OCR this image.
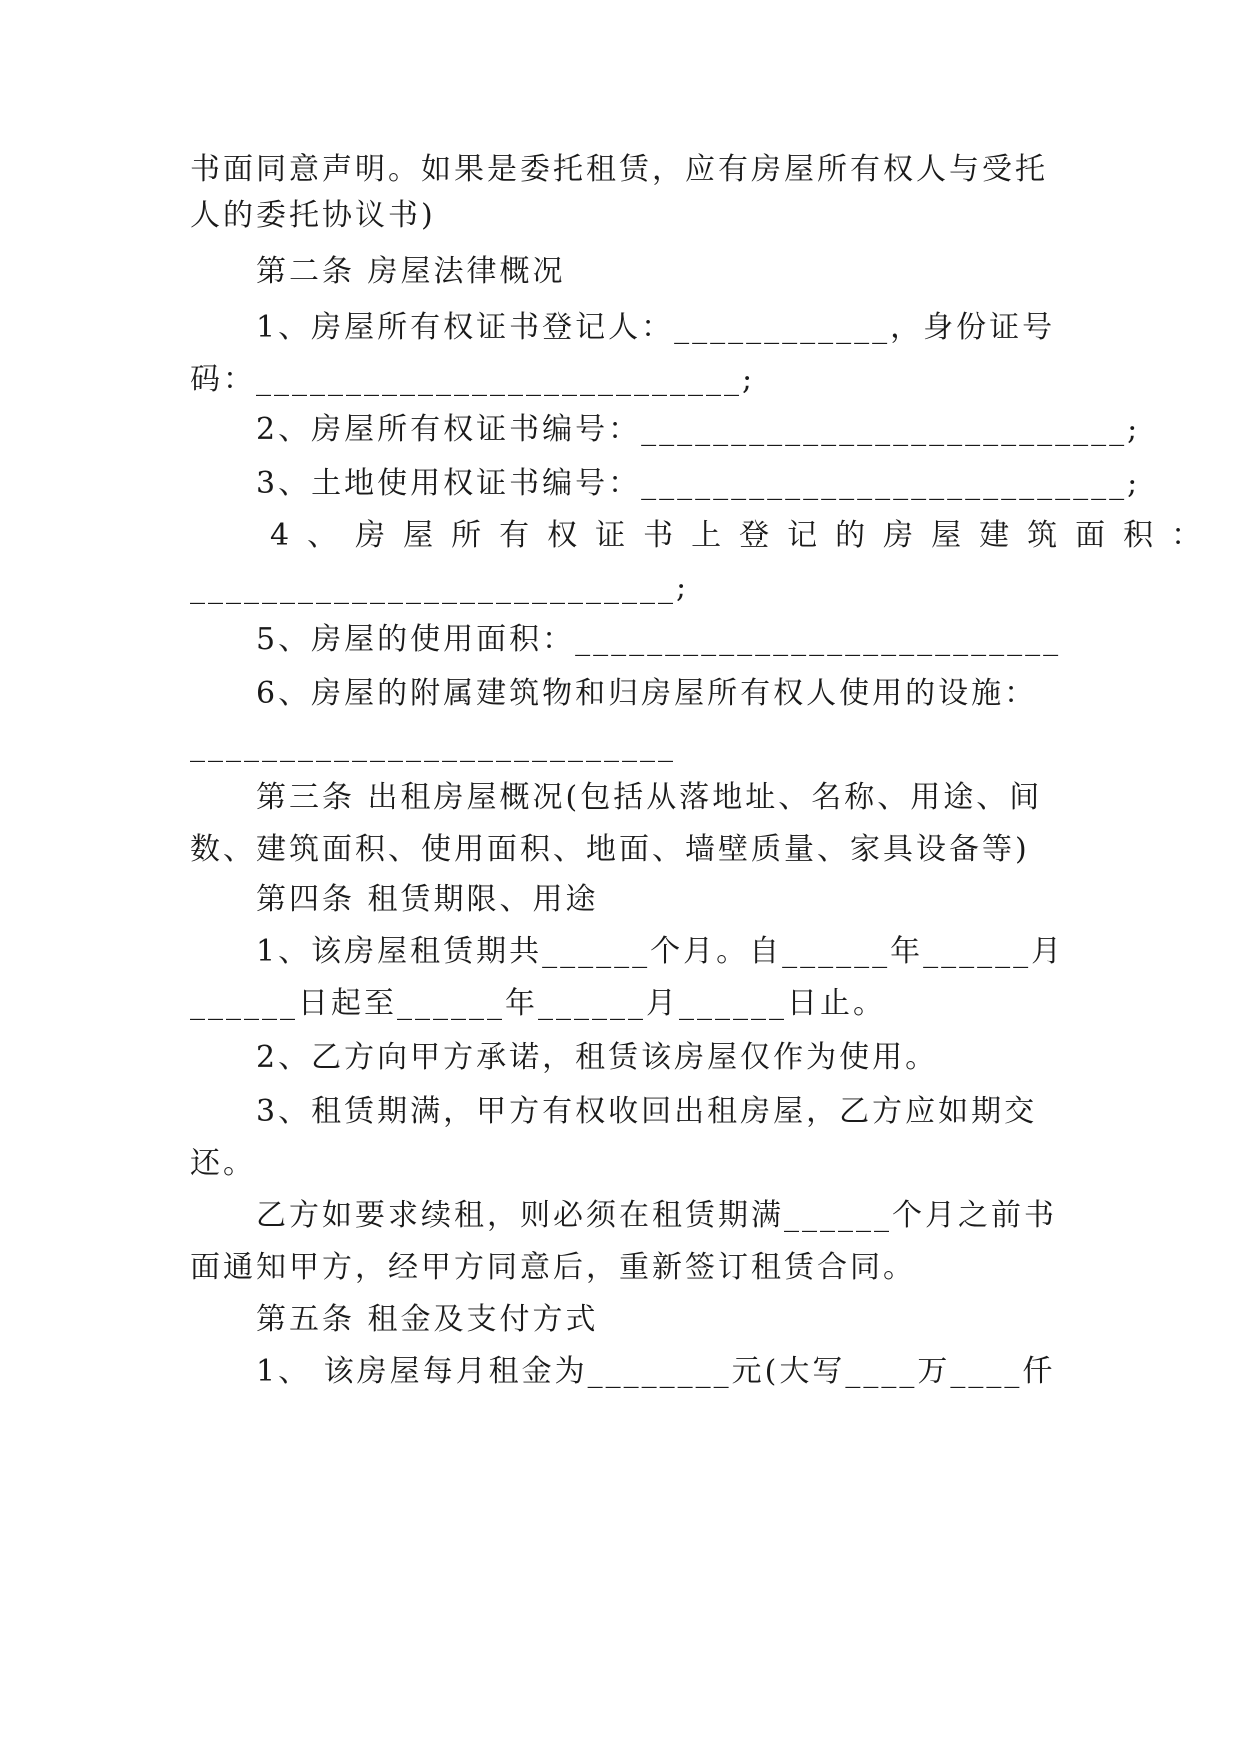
书面同意声明。如果是委托租赁，应有房屋所有权人与受托
人的委托协议书)
第二条 房屋法律概况
1、房屋所有权证书登记人：____________，身份证号
码：___________________________;
2、房屋所有权证书编号：___________________________;
3、土地使用权证书编号：___________________________;
4、房屋所有权证书上登记的房屋建筑面积：
___________________________;
5、房屋的使用面积：___________________________
6、房屋的附属建筑物和归房屋所有权人使用的设施：
___________________________
第三条 出租房屋概况(包括从落地址、名称、用途、间
数、建筑面积、使用面积、地面、墙壁质量、家具设备等)
第四条 租赁期限、用途
1、该房屋租赁期共______个月。自______年______月
______日起至______年______月______日止。
2、乙方向甲方承诺，租赁该房屋仅作为使用。
3、租赁期满，甲方有权收回出租房屋，乙方应如期交
还。
乙方如要求续租，则必须在租赁期满______个月之前书
面通知甲方，经甲方同意后，重新签订租赁合同。
第五条 租金及支付方式
1、 该房屋每月租金为________元(大写____万____仟
